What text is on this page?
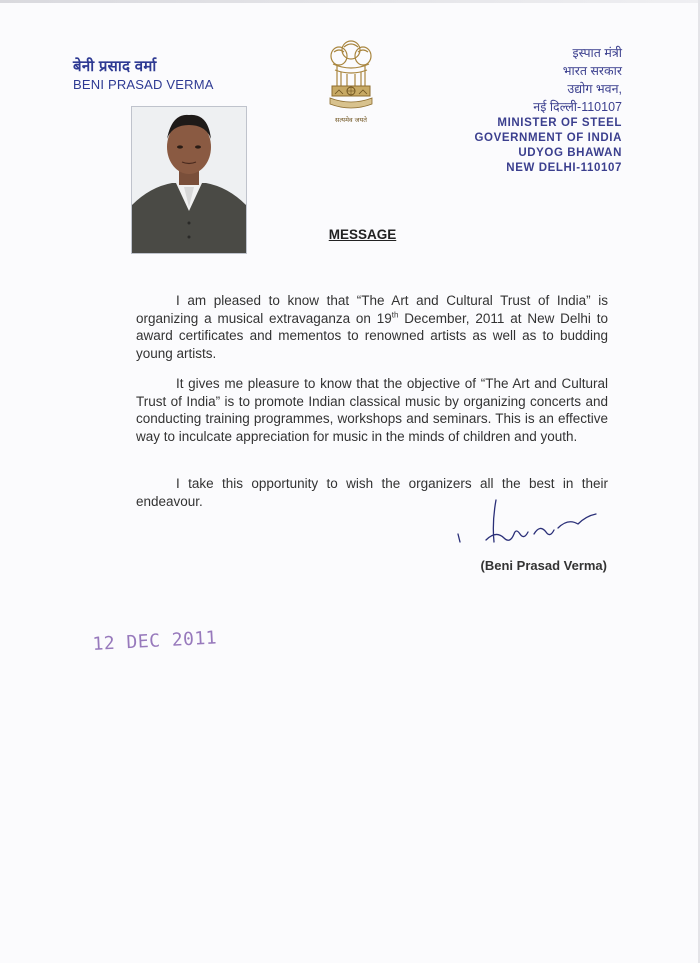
बेनी प्रसाद वर्मा
BENI PRASAD VERMA
सत्यमेव जयते
इस्पात मंत्री
भारत सरकार
उद्योग भवन,
नई दिल्ली-110107
MINISTER OF STEEL
GOVERNMENT OF INDIA
UDYOG BHAWAN
NEW DELHI-110107
MESSAGE
I am pleased to know that “The Art and Cultural Trust of India” is organizing a musical extravaganza on 19th December, 2011 at New Delhi to award certificates and mementos to renowned artists as well as to budding young artists.
It gives me pleasure to know that the objective of “The Art and Cultural Trust of India” is to promote Indian classical music by organizing concerts and conducting training programmes, workshops and seminars. This is an effective way to inculcate appreciation for music in the minds of children and youth.
I take this opportunity to wish the organizers all the best in their endeavour.
(Beni Prasad Verma)
12 DEC 2011
